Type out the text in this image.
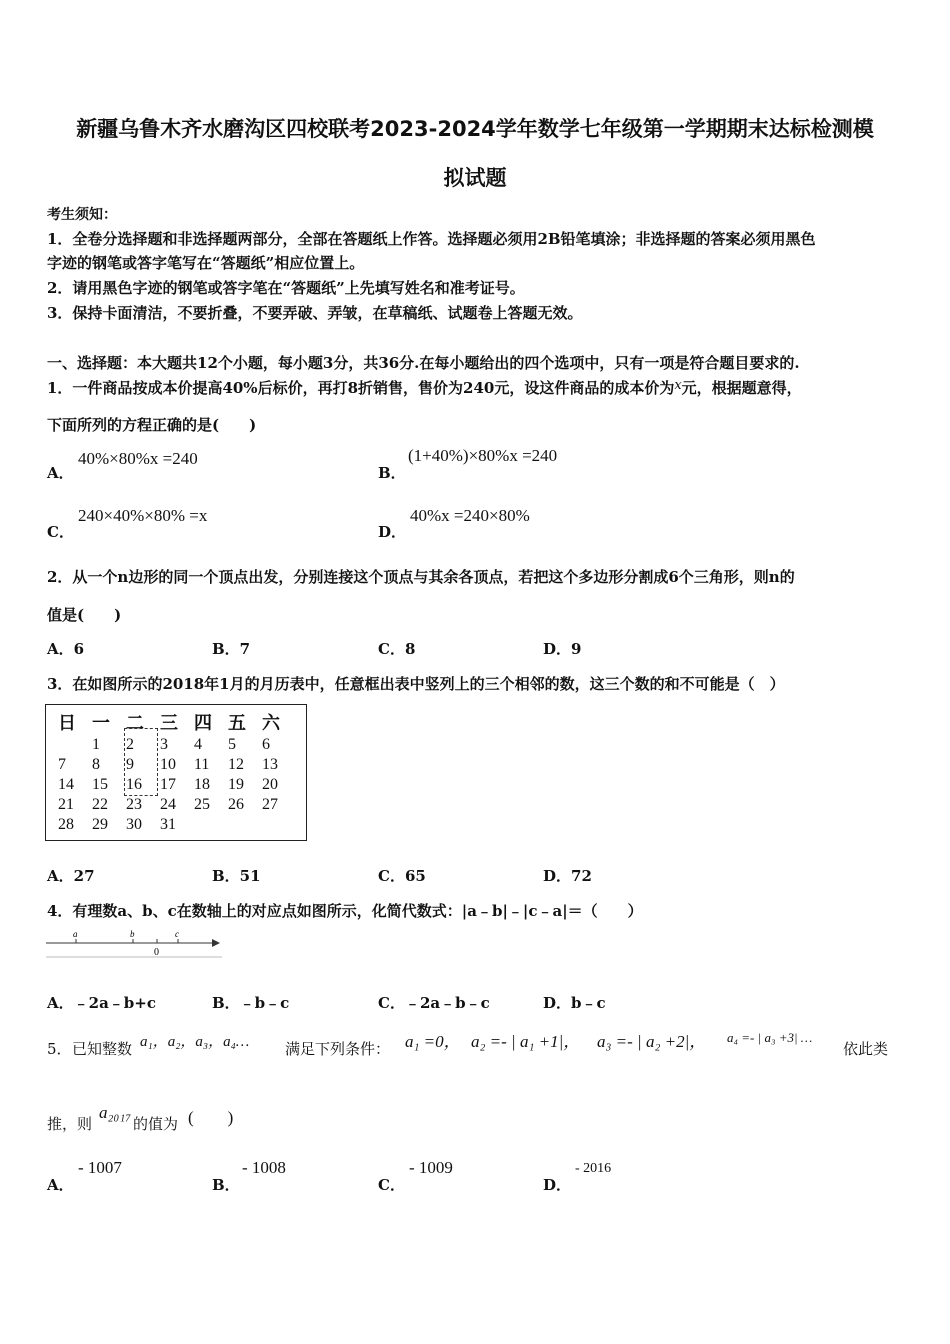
新疆乌鲁木齐水磨沟区四校联考2023-2024学年数学七年级第一学期期末达标检测模
拟试题
考生须知：
1．全卷分选择题和非选择题两部分，全部在答题纸上作答。选择题必须用2B铅笔填涂；非选择题的答案必须用黑色
字迹的钢笔或答字笔写在“答题纸”相应位置上。
2．请用黑色字迹的钢笔或答字笔在“答题纸”上先填写姓名和准考证号。
3．保持卡面清洁，不要折叠，不要弄破、弄皱，在草稿纸、试题卷上答题无效。
一、选择题：本大题共12个小题，每小题3分，共36分.在每小题给出的四个选项中，只有一项是符合题目要求的.
1．一件商品按成本价提高40%后标价，再打8折销售，售价为240元，设这件商品的成本价为x元，根据题意得，
下面所列的方程正确的是(　　)
A．
40%×80%x =240
B．
(1+40%)×80%x =240
C．
240×40%×80% =x
D．
40%x =240×80%
2．从一个n边形的同一个顶点出发，分别连接这个顶点与其余各顶点，若把这个多边形分割成6个三角形，则n的
值是(　　)
A．6	B．7	C．8	D．9
3．在如图所示的2018年1月的月历表中，任意框出表中竖列上的三个相邻的数，这三个数的和不可能是（　）
日	一	二	三	四	五	六
	1	2	3	4	5	6
7	8	9	10	11	12	13
14	15	16	17	18	19	20
21	22	23	24	25	26	27
28	29	30	31			
A．27	B．51	C．65	D．72
4．有理数a、b、c在数轴上的对应点如图所示，化简代数式：|a﹣b|﹣|c﹣a|＝（　　）
a	b	c
0
A．﹣2a﹣b+c	B．﹣b﹣c	C．﹣2a﹣b﹣c	D．b﹣c
5． 已知整数 a₁，a₂，a₃，a₄… 满足下列条件： a₁ =0， a₂ =- | a₁ +1|， a₃ =- | a₂ +2|， a₄ =- | a₃ +3| …
依此类
推，则
a₂₀₁₇
的值为 (　　)
A．
- 1007
B．
- 1008
C．
- 1009
D．
- 2016
